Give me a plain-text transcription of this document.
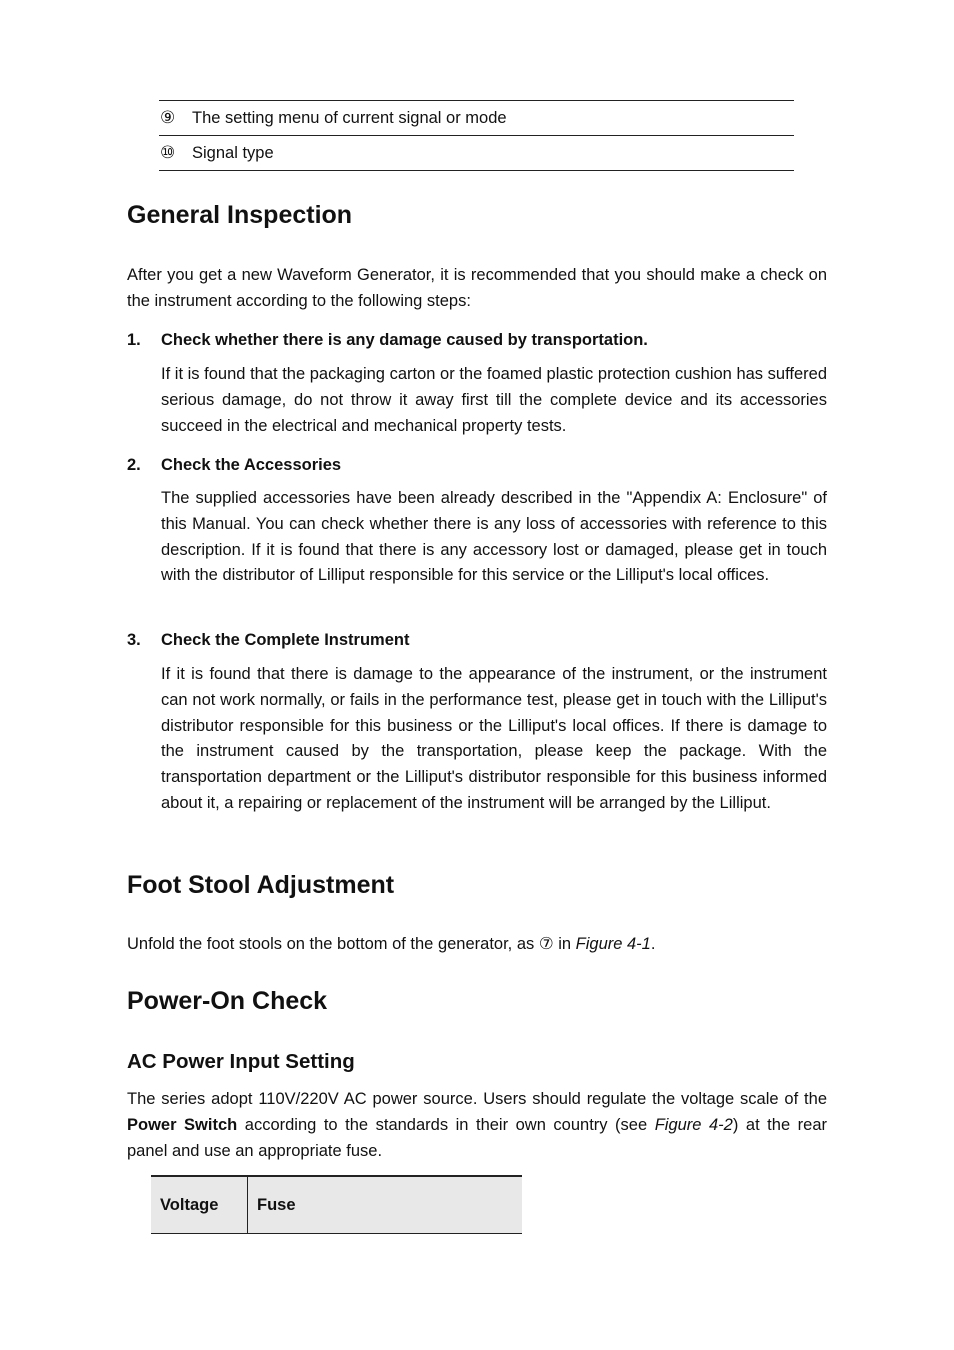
⑨	The setting menu of current signal or mode
⑩	Signal type
General Inspection

After you get a new Waveform Generator, it is recommended that you should make a check on the instrument according to the following steps:

1. Check whether there is any damage caused by transportation.

If it is found that the packaging carton or the foamed plastic protection cushion has suffered serious damage, do not throw it away first till the complete device and its accessories succeed in the electrical and mechanical property tests.

2. Check the Accessories

The supplied accessories have been already described in the "Appendix A: Enclosure" of this Manual. You can check whether there is any loss of accessories with reference to this description. If it is found that there is any accessory lost or damaged, please get in touch with the distributor of Lilliput responsible for this service or the Lilliput's local offices.

3. Check the Complete Instrument

If it is found that there is damage to the appearance of the instrument, or the instrument can not work normally, or fails in the performance test, please get in touch with the Lilliput's distributor responsible for this business or the Lilliput's local offices. If there is damage to the instrument caused by the transportation, please keep the package. With the transportation department or the Lilliput's distributor responsible for this business informed about it, a repairing or replacement of the instrument will be arranged by the Lilliput.

Foot Stool Adjustment

Unfold the foot stools on the bottom of the generator, as ⑦ in Figure 4-1.

Power-On Check
AC Power Input Setting

The series adopt 110V/220V AC power source. Users should regulate the voltage scale of the Power Switch according to the standards in their own country (see Figure 4-2) at the rear panel and use an appropriate fuse.

Voltage	Fuse
